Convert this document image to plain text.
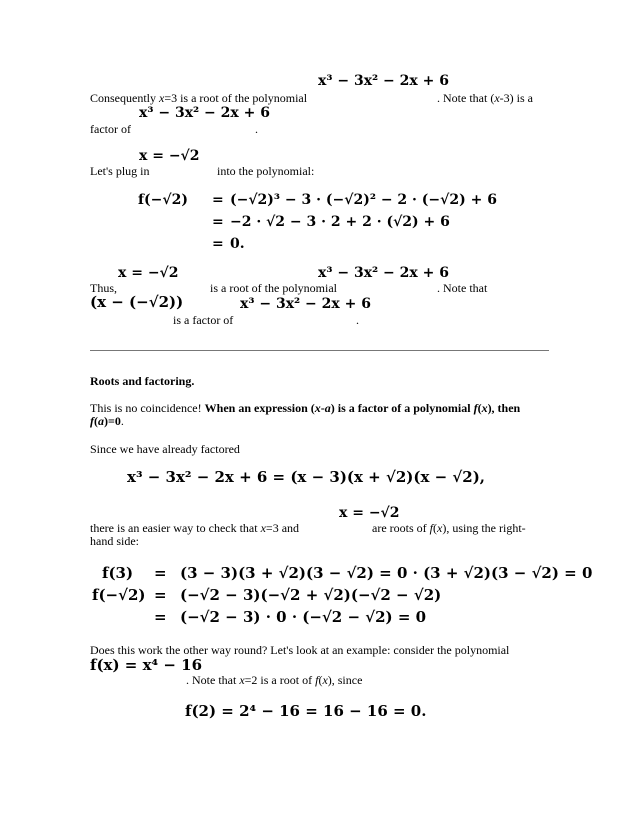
x³ − 3x² − 2x + 6
Consequently x=3 is a root of the polynomial	. Note that (x-3) is a
x³ − 3x² − 2x + 6
factor of	.
x = −√2
Let's plug in	into the polynomial:
f(−√2) = (−√2)³ − 3 · (−√2)² − 2 · (−√2) + 6
= −2 · √2 − 3 · 2 + 2 · (√2) + 6
= 0.
x = −√2	x³ − 3x² − 2x + 6
Thus,	is a root of the polynomial	. Note that
(x − (−√2))	x³ − 3x² − 2x + 6
is a factor of	.
Roots and factoring.
This is no coincidence! When an expression (x-a) is a factor of a polynomial f(x), then
f(a)=0.
Since we have already factored
x³ − 3x² − 2x + 6 = (x − 3)(x + √2)(x − √2),
x = −√2
there is an easier way to check that x=3 and	are roots of f(x), using the right-
hand side:
f(3) = (3 − 3)(3 + √2)(3 − √2) = 0 · (3 + √2)(3 − √2) = 0
f(−√2) = (−√2 − 3)(−√2 + √2)(−√2 − √2)
= (−√2 − 3) · 0 · (−√2 − √2) = 0
Does this work the other way round? Let's look at an example: consider the polynomial
f(x) = x⁴ − 16
. Note that x=2 is a root of f(x), since
f(2) = 2⁴ − 16 = 16 − 16 = 0.
